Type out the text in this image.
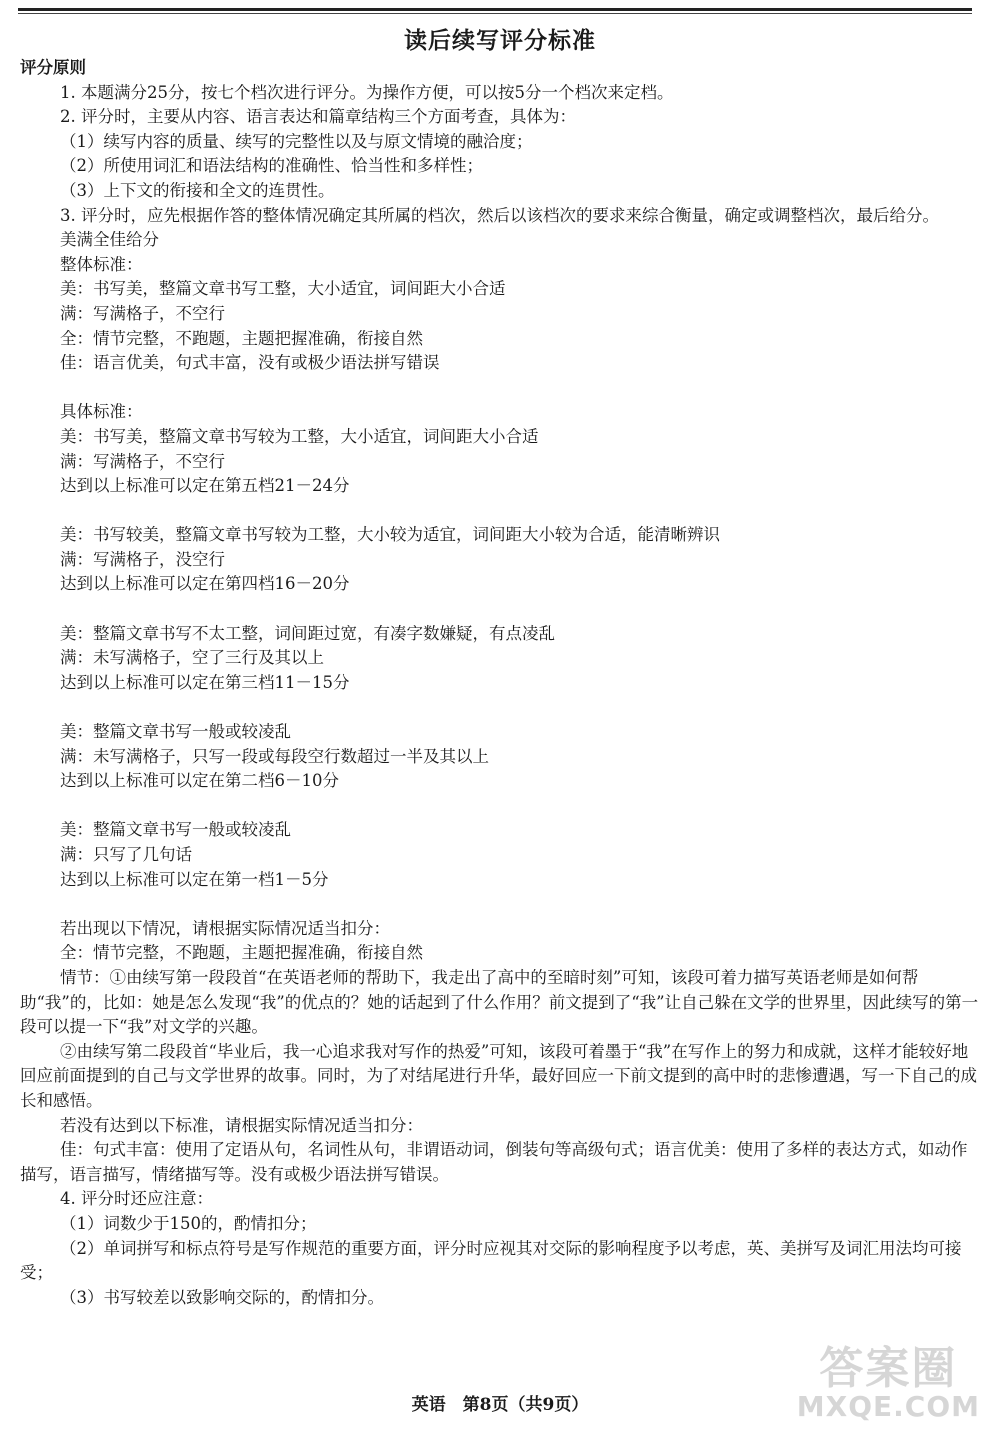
读后续写评分标准

评分原则

1. 本题满分25分，按七个档次进行评分。为操作方便，可以按5分一个档次来定档。

2. 评分时，主要从内容、语言表达和篇章结构三个方面考查，具体为：

（1）续写内容的质量、续写的完整性以及与原文情境的融洽度；

（2）所使用词汇和语法结构的准确性、恰当性和多样性；

（3）上下文的衔接和全文的连贯性。

3. 评分时，应先根据作答的整体情况确定其所属的档次，然后以该档次的要求来综合衡量，确定或调整档次，最后给分。

美满全佳给分

整体标准：

美：书写美，整篇文章书写工整，大小适宜，词间距大小合适

满：写满格子，不空行

全：情节完整，不跑题，主题把握准确，衔接自然

佳：语言优美，句式丰富，没有或极少语法拼写错误

具体标准：

美：书写美，整篇文章书写较为工整，大小适宜，词间距大小合适

满：写满格子，不空行

达到以上标准可以定在第五档21－24分

美：书写较美，整篇文章书写较为工整，大小较为适宜，词间距大小较为合适，能清晰辨识

满：写满格子，没空行

达到以上标准可以定在第四档16－20分

美：整篇文章书写不太工整，词间距过宽，有凑字数嫌疑，有点凌乱

满：未写满格子，空了三行及其以上

达到以上标准可以定在第三档11－15分

美：整篇文章书写一般或较凌乱

满：未写满格子，只写一段或每段空行数超过一半及其以上

达到以上标准可以定在第二档6－10分

美：整篇文章书写一般或较凌乱

满：只写了几句话

达到以上标准可以定在第一档1－5分

若出现以下情况，请根据实际情况适当扣分：

全：情节完整，不跑题，主题把握准确，衔接自然

情节：①由续写第一段段首“在英语老师的帮助下，我走出了高中的至暗时刻”可知，该段可着力描写英语老师是如何帮助“我”的，比如：她是怎么发现“我”的优点的？她的话起到了什么作用？前文提到了“我”让自己躲在文学的世界里，因此续写的第一段可以提一下“我”对文学的兴趣。

②由续写第二段段首“毕业后，我一心追求我对写作的热爱”可知，该段可着墨于“我”在写作上的努力和成就，这样才能较好地回应前面提到的自己与文学世界的故事。同时，为了对结尾进行升华，最好回应一下前文提到的高中时的悲惨遭遇，写一下自己的成长和感悟。

若没有达到以下标准，请根据实际情况适当扣分：

佳：句式丰富：使用了定语从句，名词性从句，非谓语动词，倒装句等高级句式；语言优美：使用了多样的表达方式，如动作描写，语言描写，情绪描写等。没有或极少语法拼写错误。

4. 评分时还应注意：

（1）词数少于150的，酌情扣分；

（2）单词拼写和标点符号是写作规范的重要方面，评分时应视其对交际的影响程度予以考虑，英、美拼写及词汇用法均可接受；

（3）书写较差以致影响交际的，酌情扣分。

英语　第8页（共9页）
答案圈
MXQE.COM
